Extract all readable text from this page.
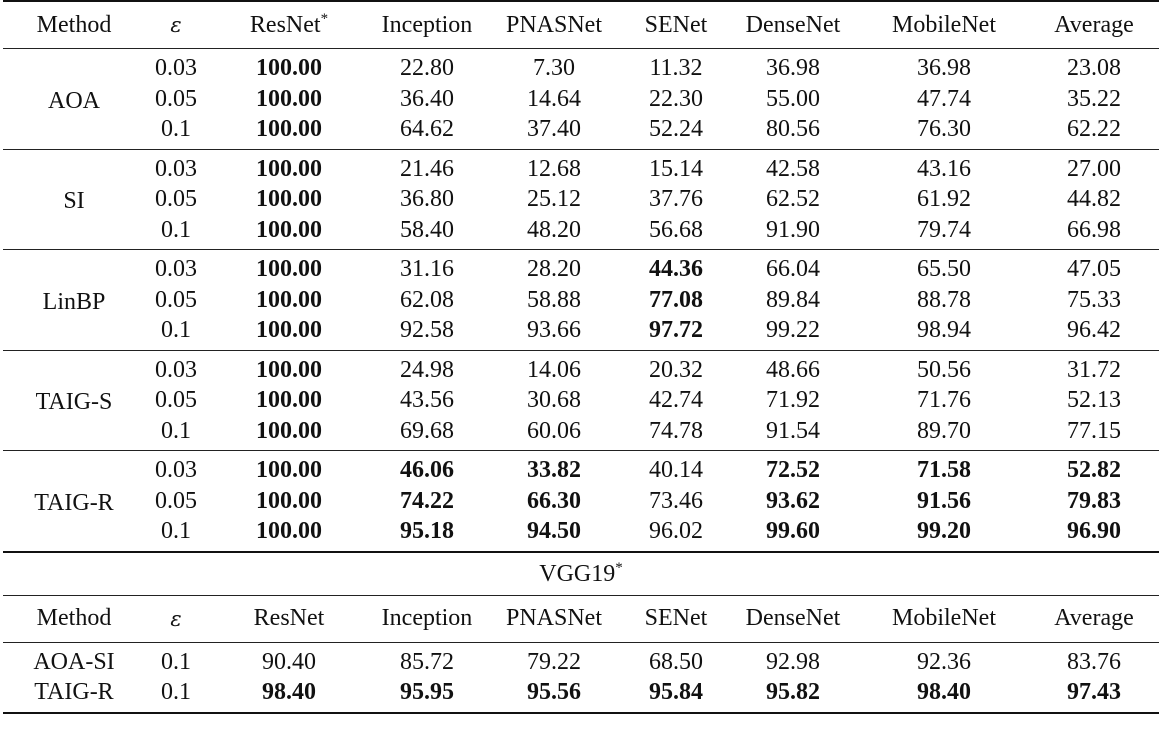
Method	ε	ResNet*	Inception	PNASNet	SENet	DenseNet	MobileNet	Average
AOA	0.03	100.00	22.80	7.30	11.32	36.98	36.98	23.08
	0.05	100.00	36.40	14.64	22.30	55.00	47.74	35.22
	0.1	100.00	64.62	37.40	52.24	80.56	76.30	62.22
SI	0.03	100.00	21.46	12.68	15.14	42.58	43.16	27.00
	0.05	100.00	36.80	25.12	37.76	62.52	61.92	44.82
	0.1	100.00	58.40	48.20	56.68	91.90	79.74	66.98
LinBP	0.03	100.00	31.16	28.20	44.36	66.04	65.50	47.05
	0.05	100.00	62.08	58.88	77.08	89.84	88.78	75.33
	0.1	100.00	92.58	93.66	97.72	99.22	98.94	96.42
TAIG-S	0.03	100.00	24.98	14.06	20.32	48.66	50.56	31.72
	0.05	100.00	43.56	30.68	42.74	71.92	71.76	52.13
	0.1	100.00	69.68	60.06	74.78	91.54	89.70	77.15
TAIG-R	0.03	100.00	46.06	33.82	40.14	72.52	71.58	52.82
	0.05	100.00	74.22	66.30	73.46	93.62	91.56	79.83
	0.1	100.00	95.18	94.50	96.02	99.60	99.20	96.90
VGG19*
Method	ε	ResNet	Inception	PNASNet	SENet	DenseNet	MobileNet	Average
AOA-SI	0.1	90.40	85.72	79.22	68.50	92.98	92.36	83.76
TAIG-R	0.1	98.40	95.95	95.56	95.84	95.82	98.40	97.43
